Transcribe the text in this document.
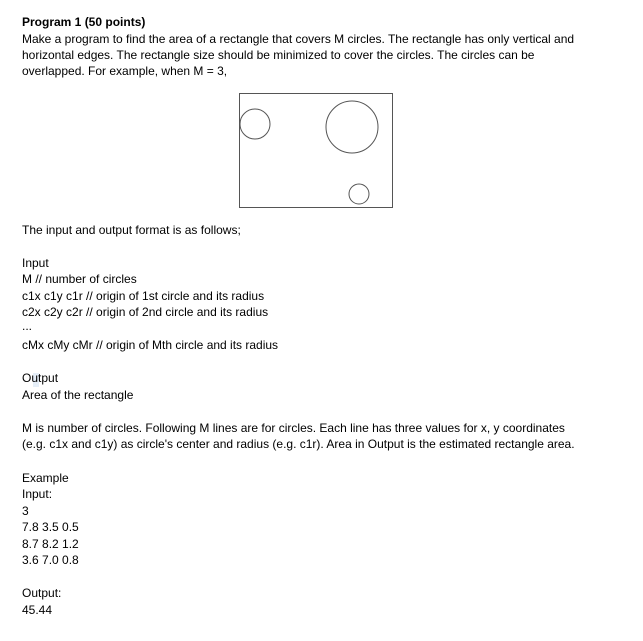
Program 1 (50 points)

Make a program to find the area of a rectangle that covers M circles. The rectangle has only vertical and

horizontal edges. The rectangle size should be minimized to cover the circles. The circles can be

overlapped. For example, when M = 3,

The input and output format is as follows;

Input

M // number of circles

c1x c1y c1r // origin of 1st circle and its radius

c2x c2y c2r // origin of 2nd circle and its radius

...

cMx cMy cMr // origin of Mth circle and its radius

Output

Area of the rectangle

M is number of circles. Following M lines are for circles. Each line has three values for x, y coordinates

(e.g. c1x and c1y) as circle's center and radius (e.g. c1r). Area in Output is the estimated rectangle area.

Example

Input:

3

7.8 3.5 0.5

8.7 8.2 1.2

3.6 7.0 0.8

Output:

45.44
